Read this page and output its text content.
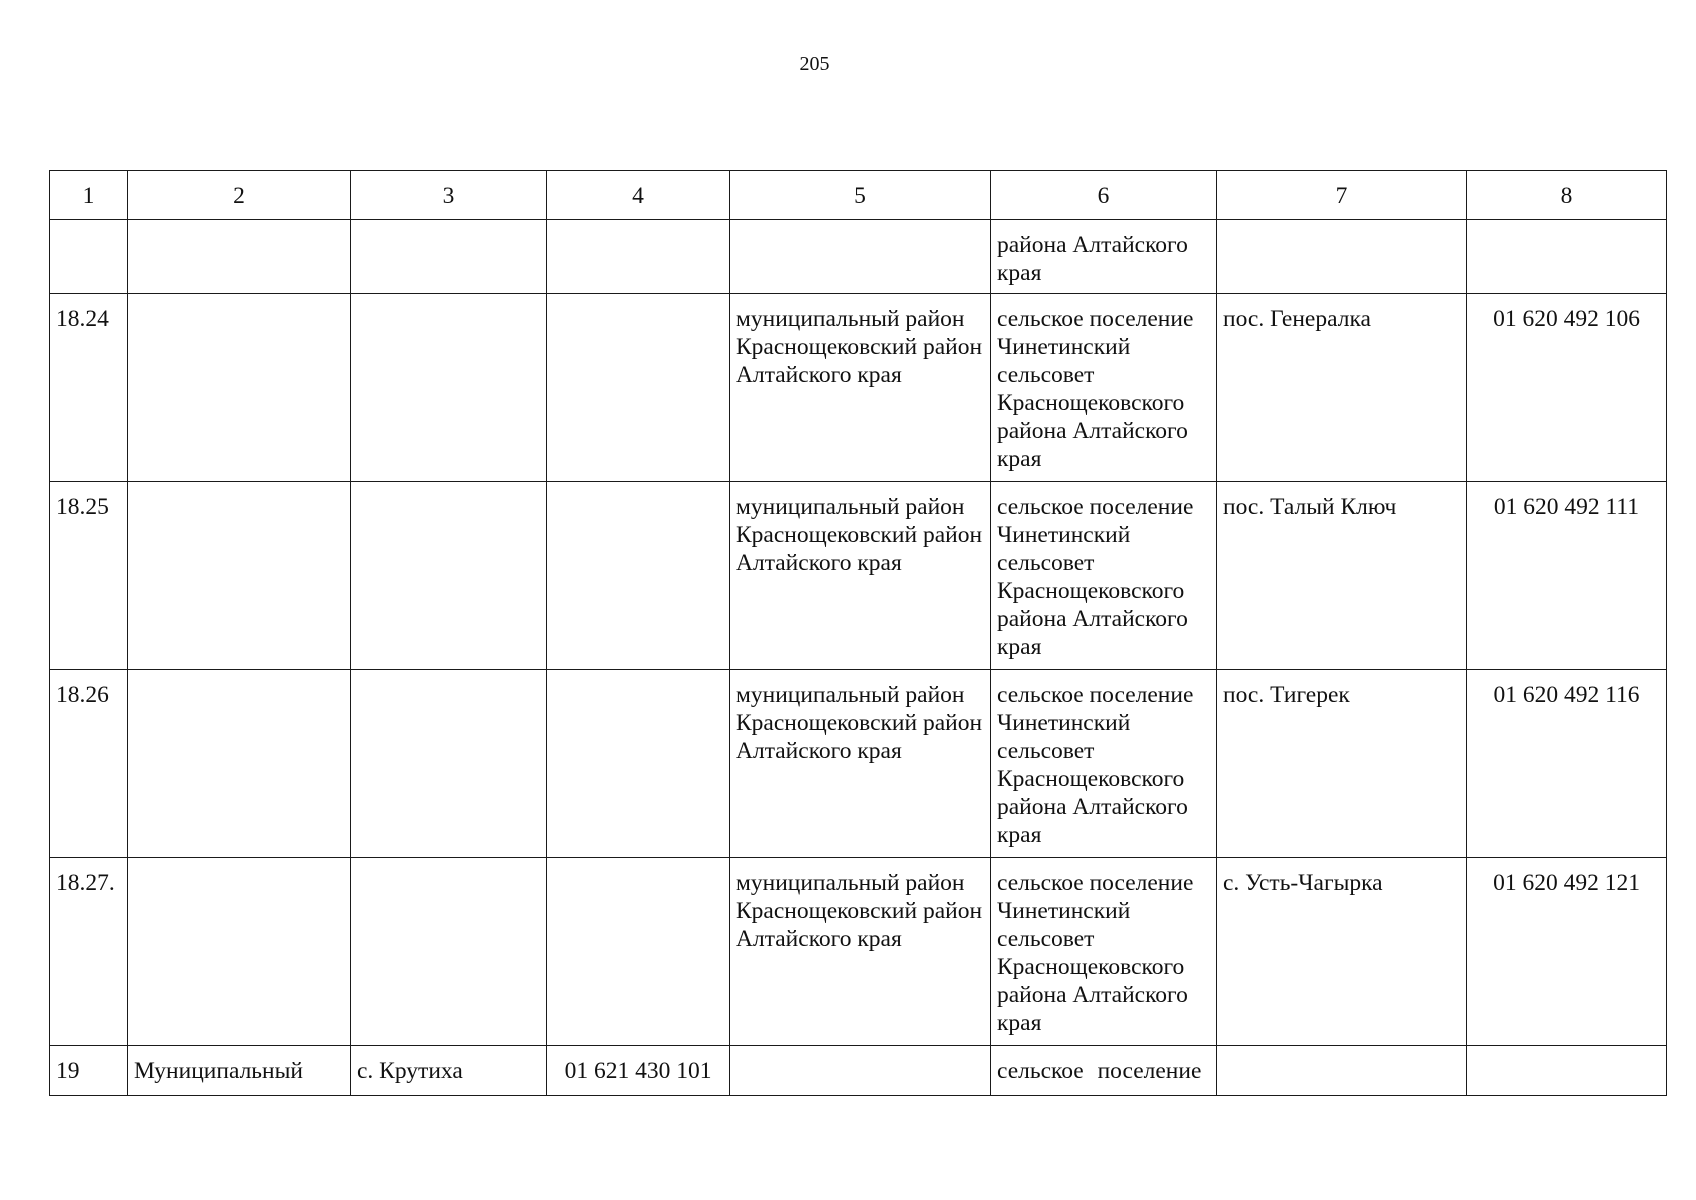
205
1	2	3	4	5	6	7	8
					района Алтайского края		
18.24				муниципальный район Краснощековский район Алтайского края	сельское поселение Чинетинский сельсовет Краснощековского района Алтайского края	пос. Генералка	01 620 492 106
18.25				муниципальный район Краснощековский район Алтайского края	сельское поселение Чинетинский сельсовет Краснощековского района Алтайского края	пос. Талый Ключ	01 620 492 111
18.26				муниципальный район Краснощековский район Алтайского края	сельское поселение Чинетинский сельсовет Краснощековского района Алтайского края	пос. Тигерек	01 620 492 116
18.27.				муниципальный район Краснощековский район Алтайского края	сельское поселение Чинетинский сельсовет Краснощековского района Алтайского края	с. Усть-Чагырка	01 620 492 121
19	Муниципальный	с. Крутиха	01 621 430 101		сельское поселение		
